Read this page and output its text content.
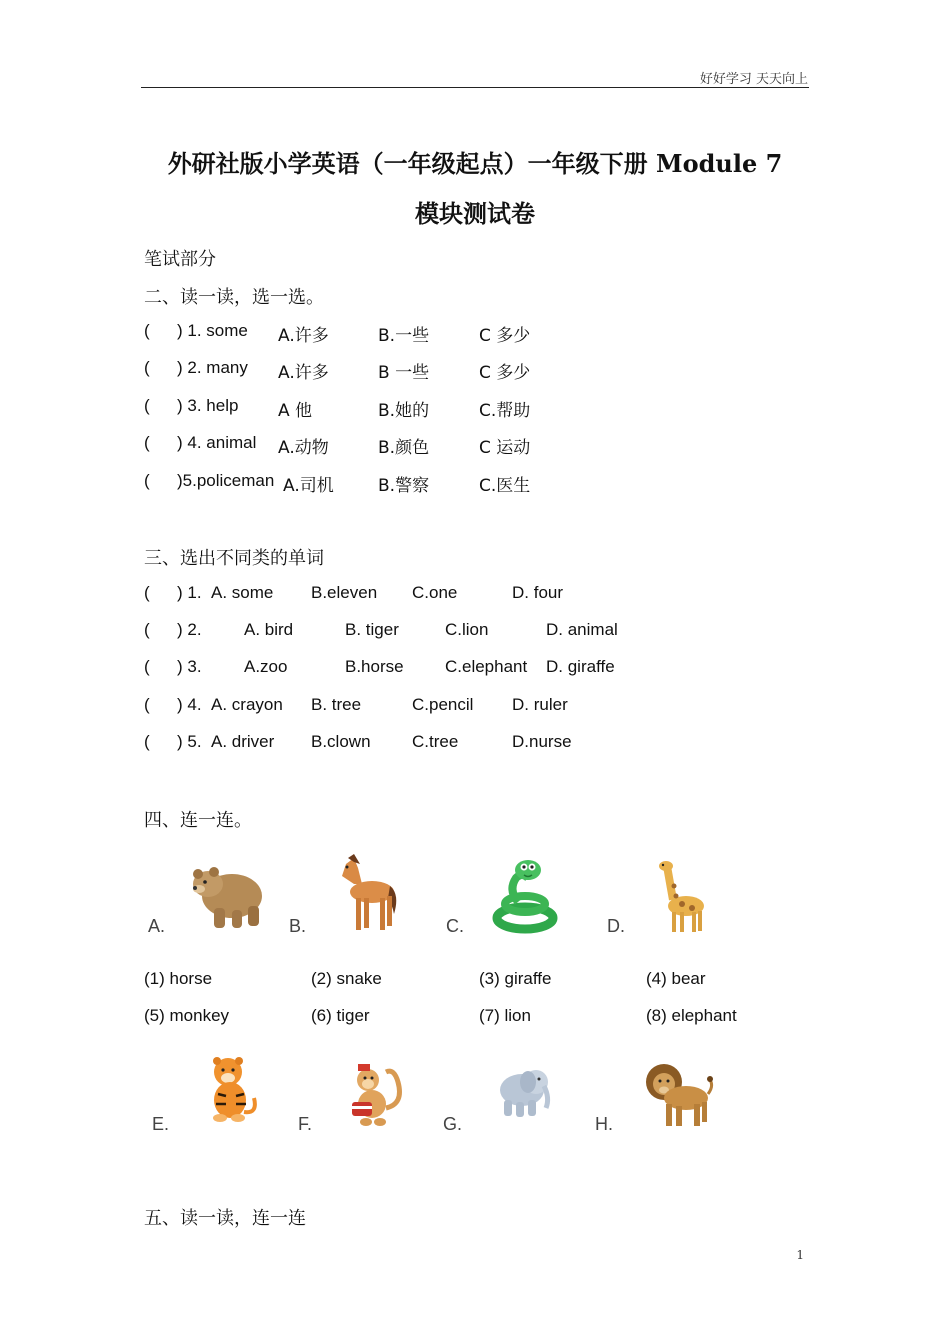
好好学习 天天向上
外研社版小学英语（一年级起点）一年级下册 Module 7
模块测试卷
笔试部分
二、读一读，选一选。
( ) 1. some A.许多	B.一些	C 多少
( ) 2. many A.许多	B 一些	C 多少
( ) 3. help A 他	B.她的	C.帮助
( ) 4. animal A.动物	B.颜色	C 运动
( )5.policeman A.司机	B.警察	C.医生
三、选出不同类的单词
( ) 1. A. some B.eleven C.one	D. four
( ) 2. A. bird	B. tiger	C.lion	D. animal
( ) 3. A.zoo	B.horse C.elephant D. giraffe
( ) 4. A. crayon B. tree	C.pencil D. ruler
( ) 5. A. driver B.clown C.tree	D.nurse
四、连一连。
A.	B.	C.	D.
(1) horse	(2) snake	(3) giraffe	(4) bear
(5) monkey	(6) tiger	(7) lion	(8) elephant
E.	F.	G.	H.
五、读一读，连一连
1
